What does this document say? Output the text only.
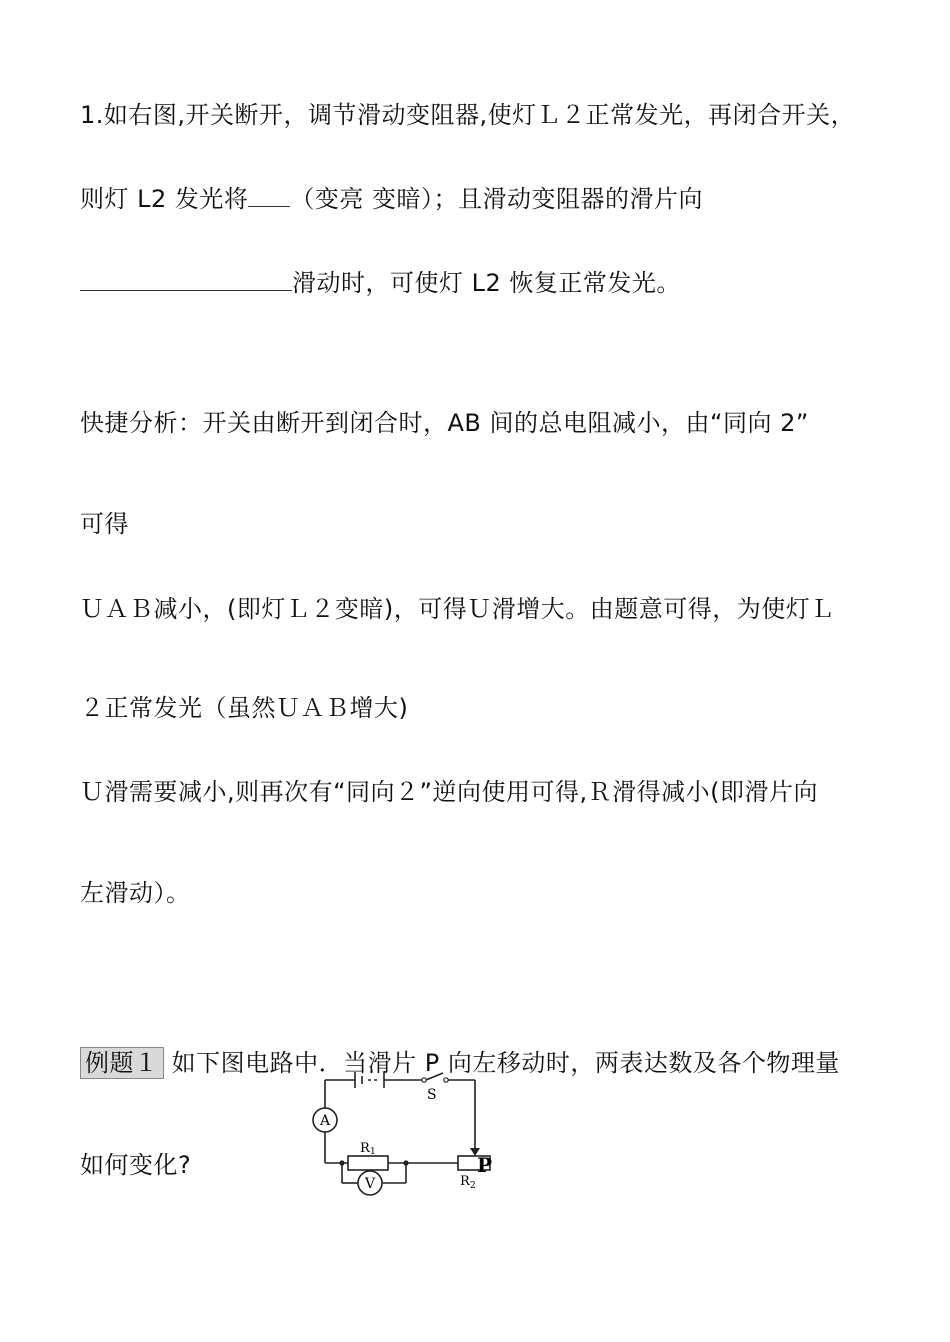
1.如右图,开关断开，调节滑动变阻器,使灯Ｌ２正常发光，再闭合开关，
则灯 L2 发光将 （变亮 变暗）；且滑动变阻器的滑片向
滑动时，可使灯 L2 恢复正常发光。
快捷分析：开关由断开到闭合时，AB 间的总电阻减小，由“同向 2”
可得
ＵＡＢ减小，(即灯Ｌ２变暗)，可得Ｕ滑增大。由题意可得，为使灯Ｌ
２正常发光（虽然ＵＡＢ增大)
Ｕ滑需要减小,则再次有“同向２”逆向使用可得,Ｒ滑得减小(即滑片向
左滑动）。
例题１ 如下图电路中．当滑片 P 向左移动时，两表达数及各个物理量
如何变化?
A
V
S
R 1
R 2
P
